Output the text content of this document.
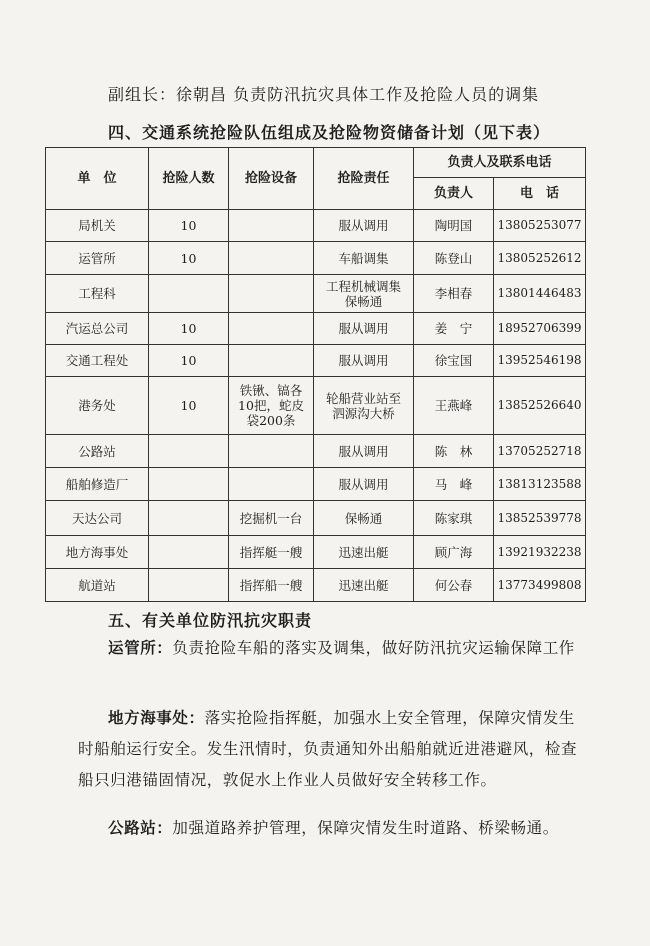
副组长：徐朝昌 负责防汛抗灾具体工作及抢险人员的调集
四、交通系统抢险队伍组成及抢险物资储备计划（见下表）
单　位	抢险人数	抢险设备	抢险责任	负责人及联系电话	
				负责人	电　话
局机关	10		服从调用	陶明国	13805253077
运管所	10		车船调集	陈登山	13805252612
工程科			工程机械调集保畅通	李相春	13801446483
汽运总公司	10		服从调用	姜　宁	18952706399
交通工程处	10		服从调用	徐宝国	13952546198
港务处	10	铁锹、镐各10把，蛇皮袋200条	轮船营业站至泗源沟大桥	王燕峰	13852526640
公路站			服从调用	陈　林	13705252718
船舶修造厂			服从调用	马　峰	13813123588
天达公司		挖掘机一台	保畅通	陈家琪	13852539778
地方海事处		指挥艇一艘	迅速出艇	顾广海	13921932238
航道站		指挥船一艘	迅速出艇	何公春	13773499808
五、有关单位防汛抗灾职责
运管所：负责抢险车船的落实及调集，做好防汛抗灾运输保障工作
地方海事处：落实抢险指挥艇，加强水上安全管理，保障灾情发生时船舶运行安全。发生汛情时，负责通知外出船舶就近进港避风，检查船只归港锚固情况，敦促水上作业人员做好安全转移工作。
公路站：加强道路养护管理，保障灾情发生时道路、桥梁畅通。
